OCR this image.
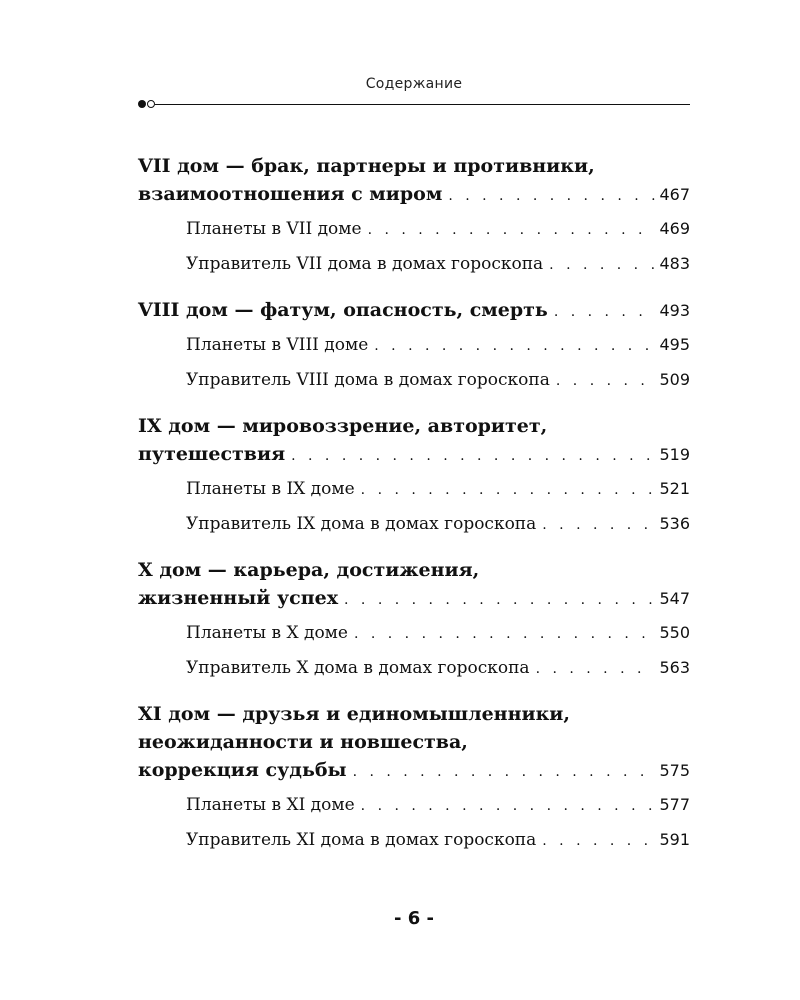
Содержание
VII дом — брак, партнеры и противники,
взаимоотношения с миром . . .	467
Планеты в VII доме . . .	469
Управитель VII дома в домах гороскопа . . .	483
VIII дом — фатум, опасность, смерть . . .	493
Планеты в VIII доме . . .	495
Управитель VIII дома в домах гороскопа . . .	509
IX дом — мировоззрение, авторитет,
путешествия . . .	519
Планеты в IX доме . . .	521
Управитель IX дома в домах гороскопа . . .	536
X дом — карьера, достижения,
жизненный успех . . .	547
Планеты в X доме . . .	550
Управитель X дома в домах гороскопа . . .	563
XI дом — друзья и единомышленники,
неожиданности и новшества,
коррекция судьбы . . .	575
Планеты в XI доме . . .	577
Управитель XI дома в домах гороскопа . . .	591
- 6 -
